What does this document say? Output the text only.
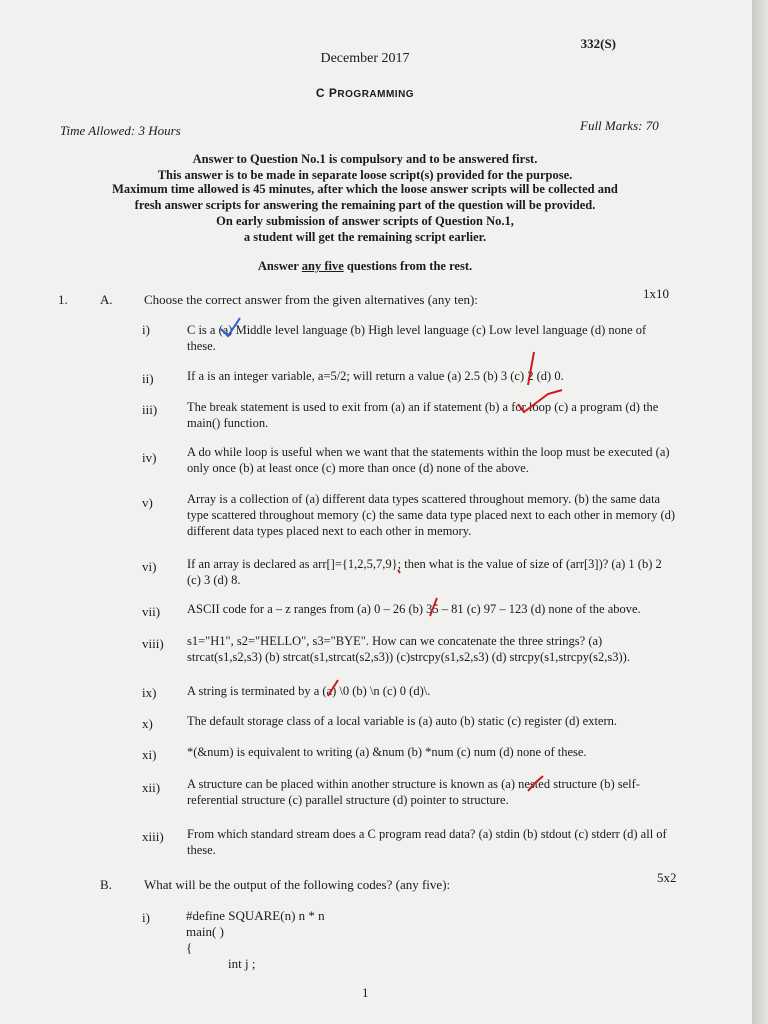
332(S)
December 2017
C PROGRAMMING
Time Allowed: 3 Hours	Full Marks: 70
Answer to Question No.1 is compulsory and to be answered first.
This answer is to be made in separate loose script(s) provided for the purpose.
Maximum time allowed is 45 minutes, after which the loose answer scripts will be collected and
fresh answer scripts for answering the remaining part of the question will be provided.
On early submission of answer scripts of Question No.1,
a student will get the remaining script earlier.
Answer any five questions from the rest.
1. A. Choose the correct answer from the given alternatives (any ten):	1x10
i)	C is a (a) Middle level language (b) High level language (c) Low level language (d) none of these.
ii)	If a is an integer variable, a=5/2; will return a value (a) 2.5 (b) 3 (c) 2 (d) 0.
iii) The break statement is used to exit from (a) an if statement (b) a for loop (c) a program (d) the main() function.
iv) A do while loop is useful when we want that the statements within the loop must be executed (a) only once (b) at least once (c) more than once (d) none of the above.
v)	Array is a collection of (a) different data types scattered throughout memory. (b) the same data type scattered throughout memory (c) the same data type placed next to each other in memory (d) different data types placed next to each other in memory.
vi) If an array is declared as arr[]={1,2,5,7,9}; then what is the value of size of (arr[3])? (a) 1 (b) 2 (c) 3 (d) 8.
vii) ASCII code for a – z ranges from (a) 0 – 26 (b) 35 – 81 (c) 97 – 123 (d) none of the above.
viii) s1="H1", s2="HELLO", s3="BYE". How can we concatenate the three strings? (a) strcat(s1,s2,s3) (b) strcat(s1,strcat(s2,s3)) (c)strcpy(s1,s2,s3) (d) strcpy(s1,strcpy(s2,s3)).
ix) A string is terminated by a (a) \0 (b) \n (c) 0 (d)\.
x)	The default storage class of a local variable is (a) auto (b) static (c) register (d) extern.
xi) *(&num) is equivalent to writing (a) &num (b) *num (c) num (d) none of these.
xii) A structure can be placed within another structure is known as (a) nested structure (b) self-referential structure (c) parallel structure (d) pointer to structure.
xiii) From which standard stream does a C program read data? (a) stdin (b) stdout (c) stderr (d) all of these.
B. What will be the output of the following codes? (any five):	5x2
i)	#define SQUARE(n) n * n
main( )
{
int j ;
1
